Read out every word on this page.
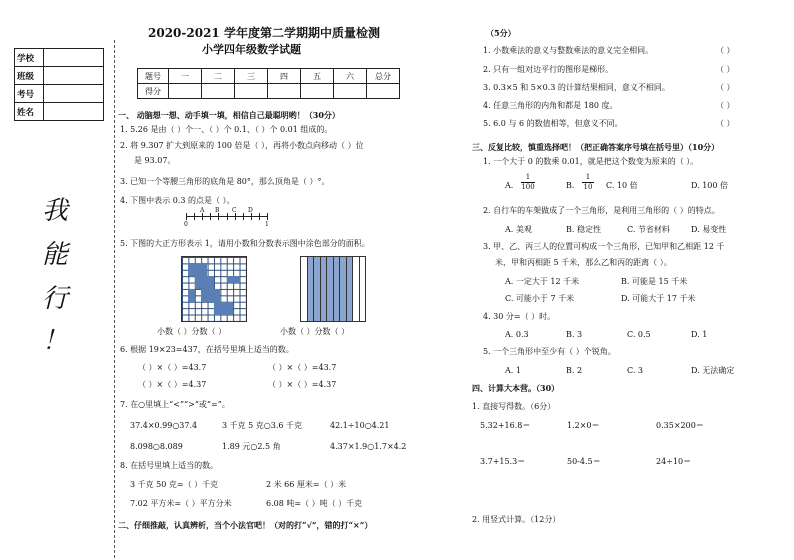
学校	
班级	
考号	
姓名	
我
能
行
！
2020-2021 学年度第二学期期中质量检测
小学四年级数学试题
题号	一	二	三	四	五	六	总分
得分							
一、 动脑想一想、动手填一填，相信自己最聪明哟！（30分）
1. 5.26 是由（ ）个一、（ ）个 0.1、（ ）个 0.01 组成的。
2. 将 9.307 扩大到原来的 100 倍是（ ），再将小数点向移动（ ）位
是 93.07。
3. 已知一个等腰三角形的底角是 80°，那么顶角是（ ）°。
4. 下图中表示 0.3 的点是（ ）。
0
A B C D
1
5. 下图的大正方形表示 1，请用小数和分数表示图中涂色部分的面积。
小数（ ）分数（ ）	小数（ ）分数（ ）
6. 根据 19×23=437，在括号里填上适当的数。
（ ）×（ ）=43.7	（ ）×（ ）=43.7
（ ）×（ ）=4.37	（ ）×（ ）=4.37
7. 在○里填上“<”“>”或“=”。
37.4×0.99○37.4	3 千克 5 克○3.6 千克	42.1÷10○4.21
8.098○8.089	1.89 元○2.5 角	4.37×1.9○1.7×4.2
8. 在括号里填上适当的数。
3 千克 50 克=（ ）千克	2 米 66 厘米=（ ）米
7.02 平方米=（ ）平方分米	6.08 吨=（ ）吨（ ）千克
二、仔细推敲，认真辨析，当个小法官吧！（对的打“√”，错的打“×”）
（5分）
1. 小数乘法的意义与整数乘法的意义完全相同。	（ ）
2. 只有一组对边平行的图形是梯形。	（ ）
3. 0.3×5 和 5×0.3 的计算结果相同，意义不相同。	（ ）
4. 任意三角形的内角和都是 180 度。	（ ）
5. 6.0 与 6 的数值相等，但意义不同。	（ ）
三、反复比较，慎重选择吧！（把正确答案序号填在括号里）（10分）
1. 一个大于 0 的数乘 0.01，就是把这个数变为原来的（ ）。
A. $\frac{1}{100}$	B. $\frac{1}{10} C$. 10 倍	D. 100 倍
2. 自行车的车架做成了一个三角形，是利用三角形的（ ）的特点。
A. 美观	B. 稳定性	C. 节省材料	D. 易变性
3. 甲、乙、丙三人的位置可构成一个三角形，已知甲和乙相距 12 千
米，甲和丙相距 5 千米，那么乙和丙的距离（ ）。
A. 一定大于 12 千米	B. 可能是 15 千米
C. 可能小于 7 千米	D. 可能大于 17 千米
4. 30 分=（ ）时。
A. 0.3	B. 3	C. 0.5	D. 1
5. 一个三角形中至少有（ ）个锐角。
A. 1	B. 2	C. 3	D. 无法确定
四、计算大本营。（30）
1. 直接写得数。（6分）
5.32+16.8＝	1.2×0＝	0.35×200＝
3.7+15.3＝	50-4.5＝	24÷10＝
2. 用竖式计算。（12分）
